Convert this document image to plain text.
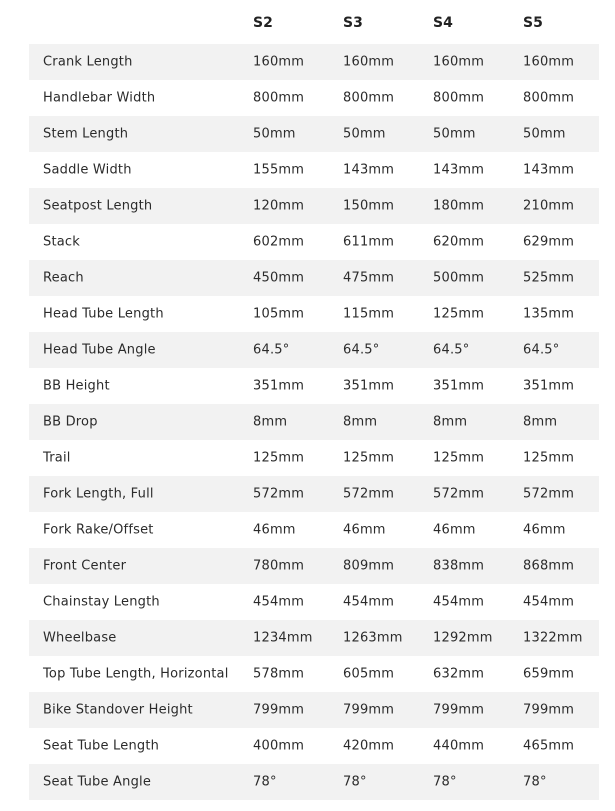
S2	S3	S4	S5
Crank Length	160mm	160mm	160mm	160mm
Handlebar Width	800mm	800mm	800mm	800mm
Stem Length	50mm	50mm	50mm	50mm
Saddle Width	155mm	143mm	143mm	143mm
Seatpost Length	120mm	150mm	180mm	210mm
Stack	602mm	611mm	620mm	629mm
Reach	450mm	475mm	500mm	525mm
Head Tube Length	105mm	115mm	125mm	135mm
Head Tube Angle	64.5°	64.5°	64.5°	64.5°
BB Height	351mm	351mm	351mm	351mm
BB Drop	8mm	8mm	8mm	8mm
Trail	125mm	125mm	125mm	125mm
Fork Length, Full	572mm	572mm	572mm	572mm
Fork Rake/Offset	46mm	46mm	46mm	46mm
Front Center	780mm	809mm	838mm	868mm
Chainstay Length	454mm	454mm	454mm	454mm
Wheelbase	1234mm 1263mm 1292mm 1322mm
Top Tube Length, Horizontal 578mm	605mm	632mm	659mm
Bike Standover Height	799mm	799mm	799mm	799mm
Seat Tube Length	400mm	420mm	440mm	465mm
Seat Tube Angle	78°	78°	78°	78°
